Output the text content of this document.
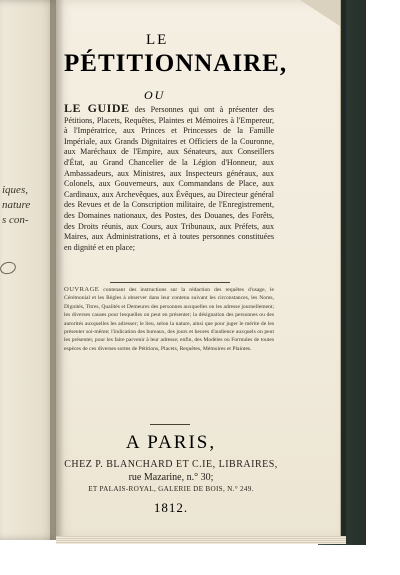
iques,
nature
s con-
LE
PÉTITIONNAIRE,
OU
LE GUIDE des Personnes qui ont à présenter des Pétitions, Placets, Requêtes, Plaintes et Mémoires à l'Empereur, à l'Impératrice, aux Princes et Princesses de la Famille Impériale, aux Grands Dignitaires et Officiers de la Couronne, aux Maréchaux de l'Empire, aux Sénateurs, aux Conseillers d'État, au Grand Chancelier de la Légion d'Honneur, aux Ambassadeurs, aux Ministres, aux Inspecteurs généraux, aux Colonels, aux Gouverneurs, aux Commandans de Place, aux Cardinaux, aux Archevêques, aux Évêques, au Directeur général des Revues et de la Conscription militaire, de l'Enregistrement, des Domaines nationaux, des Postes, des Douanes, des Forêts, des Droits réunis, aux Cours, aux Tribunaux, aux Préfets, aux Maires, aux Administrations, et à toutes personnes constituées en dignité et en place;
OUVRAGE contenant des instructions sur la rédaction des requêtes d'usage, le Cérémonial et les Règles à observer dans leur contenu suivant les circonstances, les Noms, Dignités, Titres, Qualités et Demeures des personnes auxquelles on les adresse journellement; les diverses causes pour lesquelles on peut en présenter; la désignation des personnes ou des autorités auxquelles les adresser; le lieu, selon la nature, ainsi que pour juger le mérite de les présenter soi-même; l'indication des bureaux, des jours et heures d'audience auxquels on peut les présenter, pour les faire parvenir à leur adresse; enfin, des Modèles ou Formules de toutes espèces de ces diverses sortes de Pétitions, Placets, Requêtes, Mémoires et Plaintes.
A PARIS,
CHEZ P. BLANCHARD ET C.IE, LIBRAIRES,
rue Mazarine, n.° 30;
ET PALAIS-ROYAL, GALERIE DE BOIS, N.° 249.
1812.
